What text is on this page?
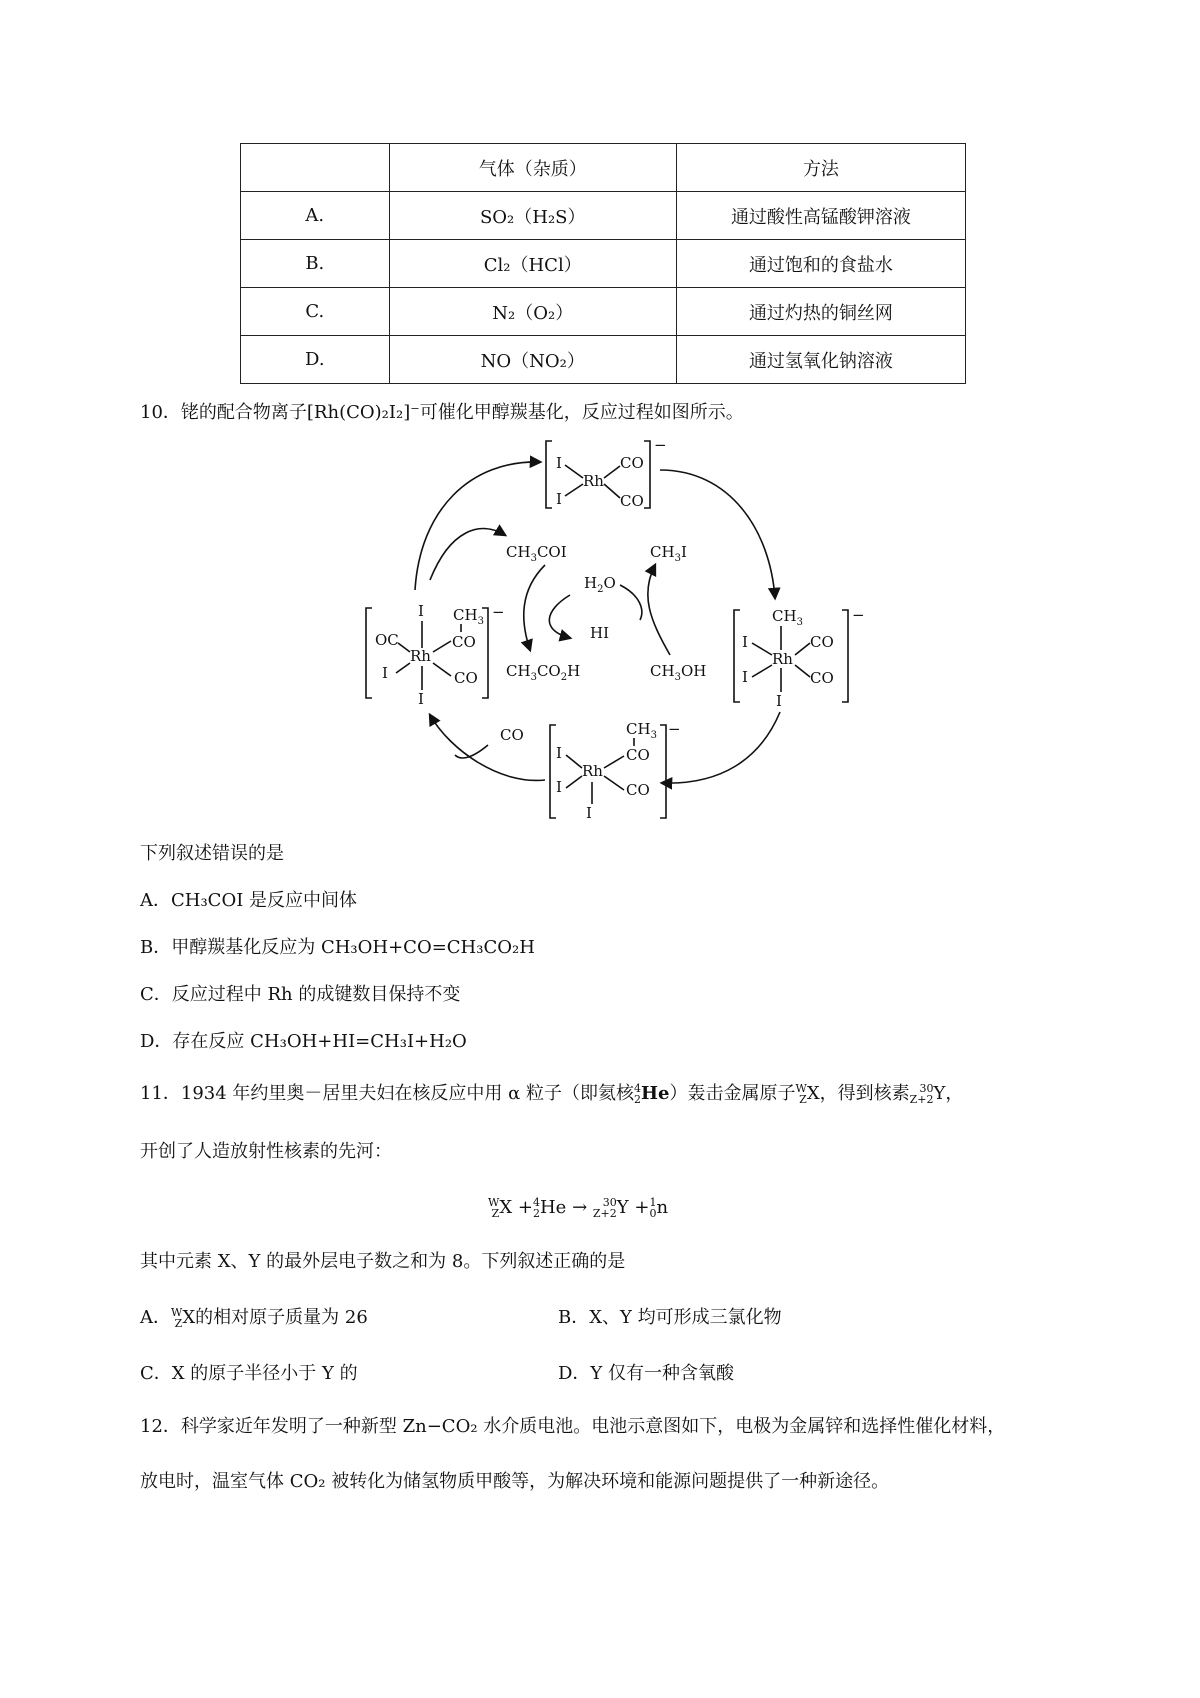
	气体（杂质）	方法
A.	SO₂（H₂S）	通过酸性高锰酸钾溶液
B.	Cl₂（HCl）	通过饱和的食盐水
C.	N₂（O₂）	通过灼热的铜丝网
D.	NO（NO₂）	通过氢氧化钠溶液
10．铑的配合物离子[Rh(CO)₂I₂]⁻可催化甲醇羰基化，反应过程如图所示。
I
I
Rh
CO
CO
−
I
I
OC
I
Rh
$CH_3$
CO
CO
−	$CH_3$
I
I
Rh
CO
CO
I
−
$CH_3$
CO
I
I
Rh
CO
I
−
$CH_3COI$	$CH_3I$
$H_2O$
HI
$CH_3CO_2H$	$CH_3OH$
CO
下列叙述错误的是
A．CH₃COI 是反应中间体
B．甲醇羰基化反应为 CH₃OH+CO=CH₃CO₂H
C．反应过程中 Rh 的成键数目保持不变
D．存在反应 CH₃OH+HI=CH₃I+H₂O
11．1934 年约里奥－居里夫妇在核反应中用 α 粒子（即氦核4
2He）轰击金属原子W
ZX，得到核素 30
Z+2Y，
开创了人造放射性核素的先河：
W
ZX +4
2He → 30
Z+2Y +1
0n
其中元素 X、Y 的最外层电子数之和为 8。下列叙述正确的是
A．W
ZX的相对原子质量为 26	B．X、Y 均可形成三氯化物
C．X 的原子半径小于 Y 的	D．Y 仅有一种含氧酸
12．科学家近年发明了一种新型 Zn−CO₂ 水介质电池。电池示意图如下，电极为金属锌和选择性催化材料，
放电时，温室气体 CO₂ 被转化为储氢物质甲酸等，为解决环境和能源问题提供了一种新途径。
